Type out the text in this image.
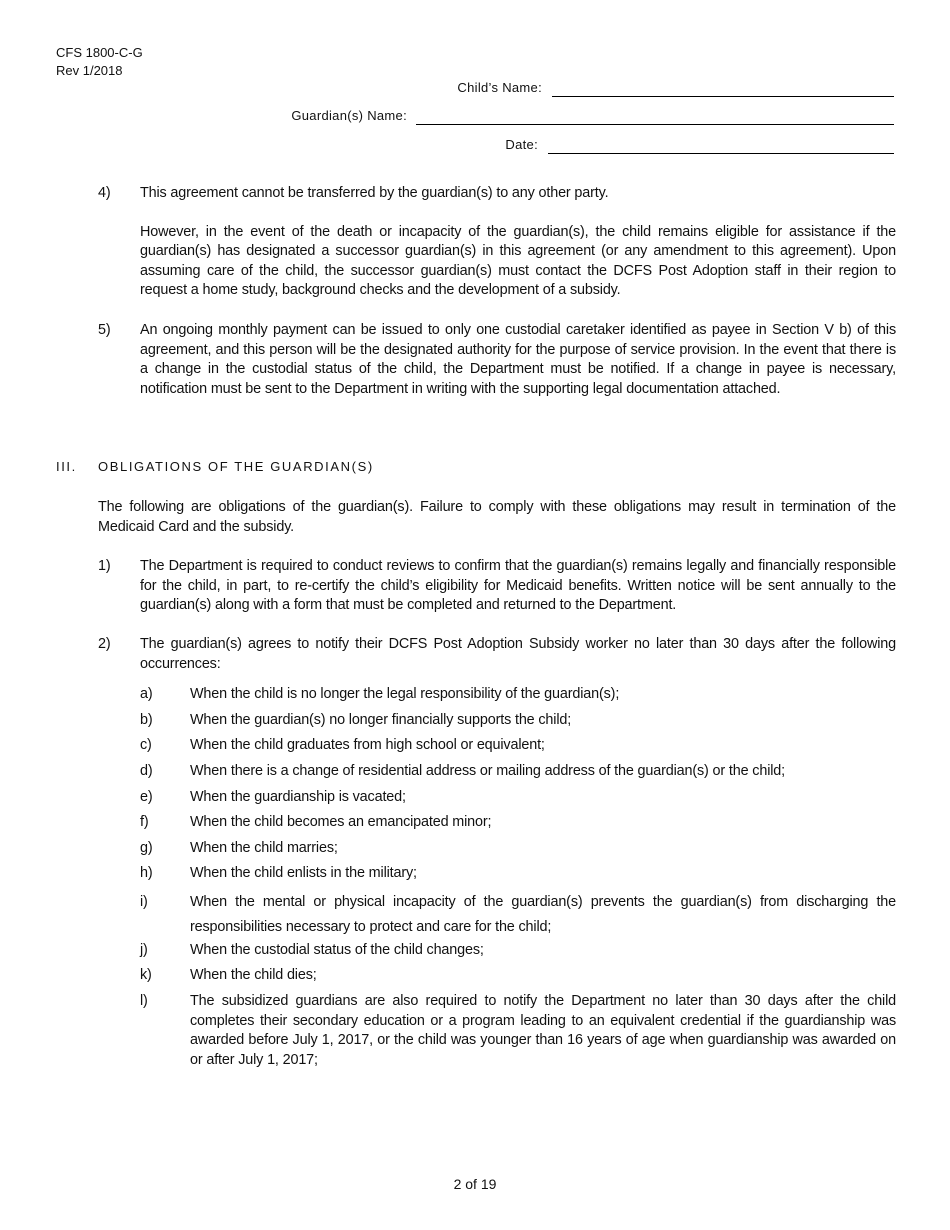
CFS 1800-C-G
Rev 1/2018
Child’s Name:
Guardian(s) Name:
Date:
4) This agreement cannot be transferred by the guardian(s) to any other party.

However, in the event of the death or incapacity of the guardian(s), the child remains eligible for assistance if the guardian(s) has designated a successor guardian(s) in this agreement (or any amendment to this agreement). Upon assuming care of the child, the successor guardian(s) must contact the DCFS Post Adoption staff in their region to request a home study, background checks and the development of a subsidy.

5) An ongoing monthly payment can be issued to only one custodial caretaker identified as payee in Section V b) of this agreement, and this person will be the designated authority for the purpose of service provision. In the event that there is a change in the custodial status of the child, the Department must be notified. If a change in payee is necessary, notification must be sent to the Department in writing with the supporting legal documentation attached.

III. OBLIGATIONS OF THE GUARDIAN(S)
The following are obligations of the guardian(s). Failure to comply with these obligations may result in termination of the Medicaid Card and the subsidy.
1) The Department is required to conduct reviews to confirm that the guardian(s) remains legally and financially responsible for the child, in part, to re-certify the child’s eligibility for Medicaid benefits. Written notice will be sent annually to the guardian(s) along with a form that must be completed and returned to the Department.
2) The guardian(s) agrees to notify their DCFS Post Adoption Subsidy worker no later than 30 days after the following occurrences:
a)	When the child is no longer the legal responsibility of the guardian(s);
b)	When the guardian(s) no longer financially supports the child;
c)	When the child graduates from high school or equivalent;
d)	When there is a change of residential address or mailing address of the guardian(s) or the child;
e)	When the guardianship is vacated;
f)	When the child becomes an emancipated minor;
g)	When the child marries;
h)	When the child enlists in the military;
i)	When the mental or physical incapacity of the guardian(s) prevents the guardian(s) from discharging the responsibilities necessary to protect and care for the child;
j)	When the custodial status of the child changes;
k)	When the child dies;
l)	The subsidized guardians are also required to notify the Department no later than 30 days after the child completes their secondary education or a program leading to an equivalent credential if the guardianship was awarded before July 1, 2017, or the child was younger than 16 years of age when guardianship was awarded on or after July 1, 2017;
2 of 19
